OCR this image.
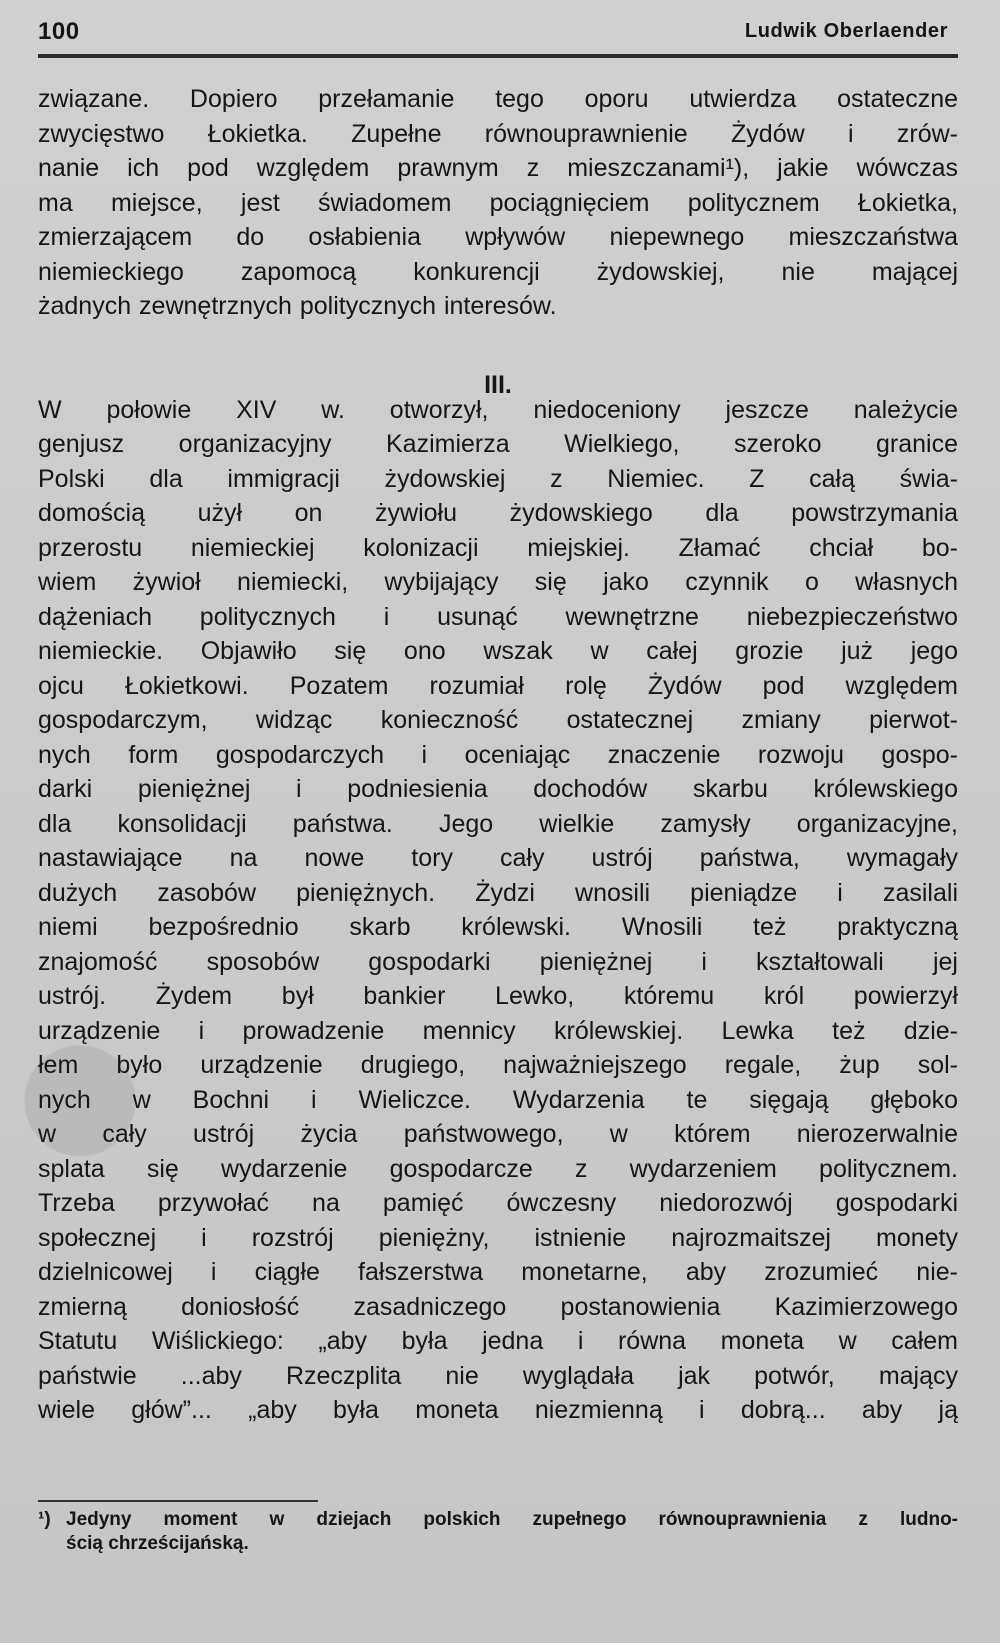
100	Ludwik Oberlaender
związane. Dopiero przełamanie tego oporu utwierdza ostateczne
zwycięstwo Łokietka. Zupełne równouprawnienie Żydów i zrów-
nanie ich pod względem prawnym z mieszczanami¹), jakie wówczas
ma miejsce, jest świadomem pociągnięciem politycznem Łokietka,
zmierzającem do osłabienia wpływów niepewnego mieszczaństwa
niemieckiego zapomocą konkurencji żydowskiej, nie mającej
żadnych zewnętrznych politycznych interesów.
III.
W połowie XIV w. otworzył, niedoceniony jeszcze należycie
genjusz organizacyjny Kazimierza Wielkiego, szeroko granice
Polski dla immigracji żydowskiej z Niemiec. Z całą świa-
domością użył on żywiołu żydowskiego dla powstrzymania
przerostu niemieckiej kolonizacji miejskiej. Złamać chciał bo-
wiem żywioł niemiecki, wybijający się jako czynnik o własnych
dążeniach politycznych i usunąć wewnętrzne niebezpieczeństwo
niemieckie. Objawiło się ono wszak w całej grozie już jego
ojcu Łokietkowi. Pozatem rozumiał rolę Żydów pod względem
gospodarczym, widząc konieczność ostatecznej zmiany pierwot-
nych form gospodarczych i oceniając znaczenie rozwoju gospo-
darki pieniężnej i podniesienia dochodów skarbu królewskiego
dla konsolidacji państwa. Jego wielkie zamysły organizacyjne,
nastawiające na nowe tory cały ustrój państwa, wymagały
dużych zasobów pieniężnych. Żydzi wnosili pieniądze i zasilali
niemi bezpośrednio skarb królewski. Wnosili też praktyczną
znajomość sposobów gospodarki pieniężnej i kształtowali jej
ustrój. Żydem był bankier Lewko, któremu król powierzył
urządzenie i prowadzenie mennicy królewskiej. Lewka też dzie-
łem było urządzenie drugiego, najważniejszego regale, żup sol-
nych w Bochni i Wieliczce. Wydarzenia te sięgają głęboko
w cały ustrój życia państwowego, w którem nierozerwalnie
splata się wydarzenie gospodarcze z wydarzeniem politycznem.
Trzeba przywołać na pamięć ówczesny niedorozwój gospodarki
społecznej i rozstrój pieniężny, istnienie najrozmaitszej monety
dzielnicowej i ciągłe fałszerstwa monetarne, aby zrozumieć nie-
zmierną doniosłość zasadniczego postanowienia Kazimierzowego
Statutu Wiślickiego: „aby była jedna i równa moneta w całem
państwie ...aby Rzeczplita nie wyglądała jak potwór, mający
wiele głów”... „aby była moneta niezmienną i dobrą... aby ją
¹) Jedyny moment w dziejach polskich zupełnego równouprawnienia z ludno-
ścią chrześcijańską.
